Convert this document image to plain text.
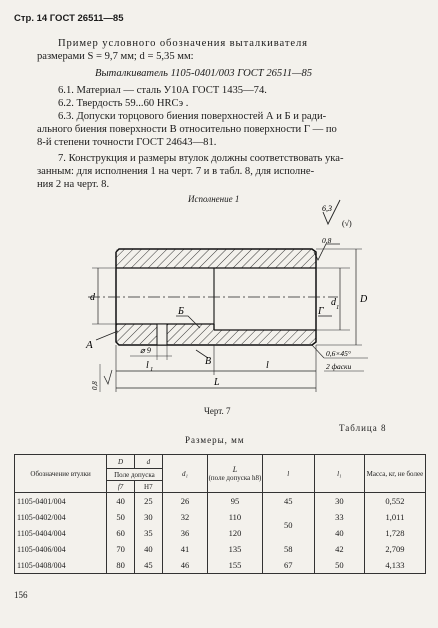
Стр. 14 ГОСТ 26511—85
Пример условного обозначения выталкивателя
размерами S = 9,7 мм; d = 5,35 мм:
Выталкиватель 1105-0401/003 ГОСТ 26511—85
6.1. Материал — сталь У10А ГОСТ 1435—74.
6.2. Твердость 59...60 HRCэ .
6.3. Допуски торцового биения поверхностей А и Б и ради-
ального биения поверхности В относительно поверхности Г — по
8-й степени точности ГОСТ 24643—81.
7. Конструкция и размеры втулок должны соответствовать ука-
занным: для исполнения 1 на черт. 7 и в табл. 8, для исполне-
ния 2 на черт. 8.
Исполнение 1
6,3
(√)
0,8
d	d 1
D
А
Б
В
Г
⌀ 9
l 1	l
L
0,6×45°
2 фаски
0,8
Черт. 7
Таблица 8
Размеры, мм
Обозначение втулки	D	d	d₁	L
(поле допуска h8)	l	l₁	Масса, кг, не более
	Поле допуска						
	f7	H7					
1105-0401/004	40	25	26	95	45	30	0,552
1105-0402/004	50	30	32	110	50	33	1,011
1105-0404/004	60	35	36	120		40	1,728
1105-0406/004	70	40	41	135	58	42	2,709
1105-0408/004	80	45	46	155	67	50	4,133
156
